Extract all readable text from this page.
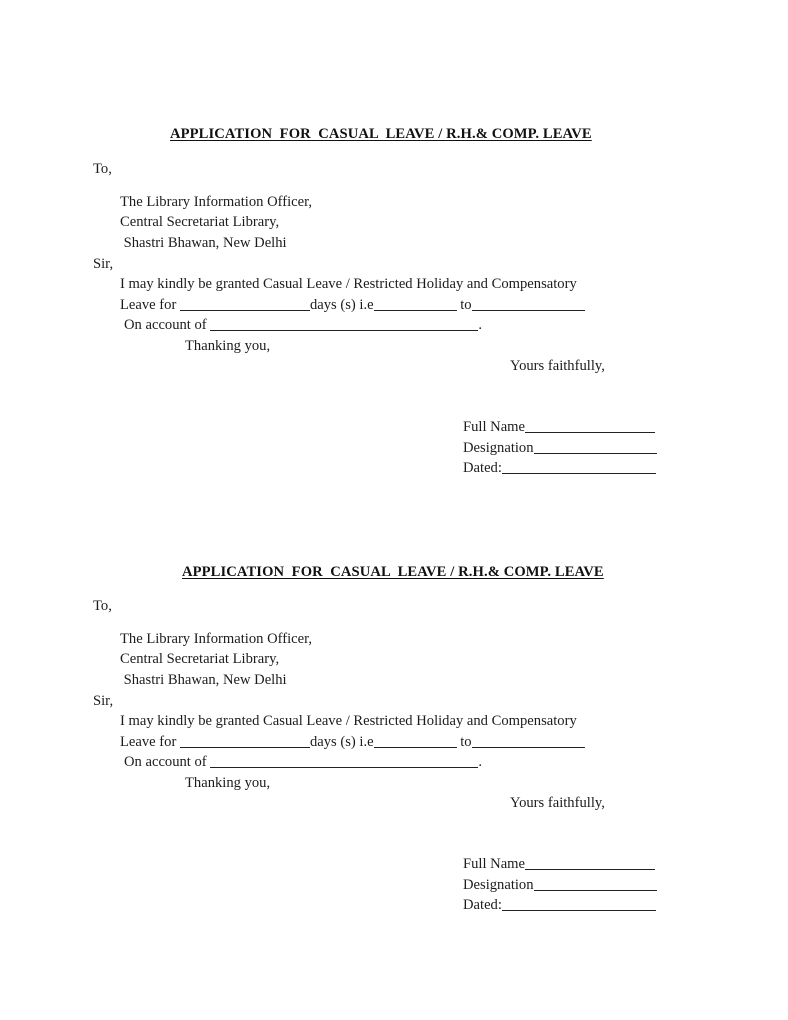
APPLICATION  FOR  CASUAL  LEAVE / R.H.& COMP. LEAVE
To,
The Library Information Officer,
Central Secretariat Library,
Shastri Bhawan, New Delhi
Sir,
I may kindly be granted Casual Leave / Restricted Holiday and Compensatory
Leave for	days (s) i.e	to
On account of	.
Thanking you,
Yours faithfully,
Full Name
Designation
Dated:
APPLICATION  FOR  CASUAL  LEAVE / R.H.& COMP. LEAVE
To,
The Library Information Officer,
Central Secretariat Library,
Shastri Bhawan, New Delhi
Sir,
I may kindly be granted Casual Leave / Restricted Holiday and Compensatory
Leave for	days (s) i.e	to
On account of	.
Thanking you,
Yours faithfully,
Full Name
Designation
Dated:
